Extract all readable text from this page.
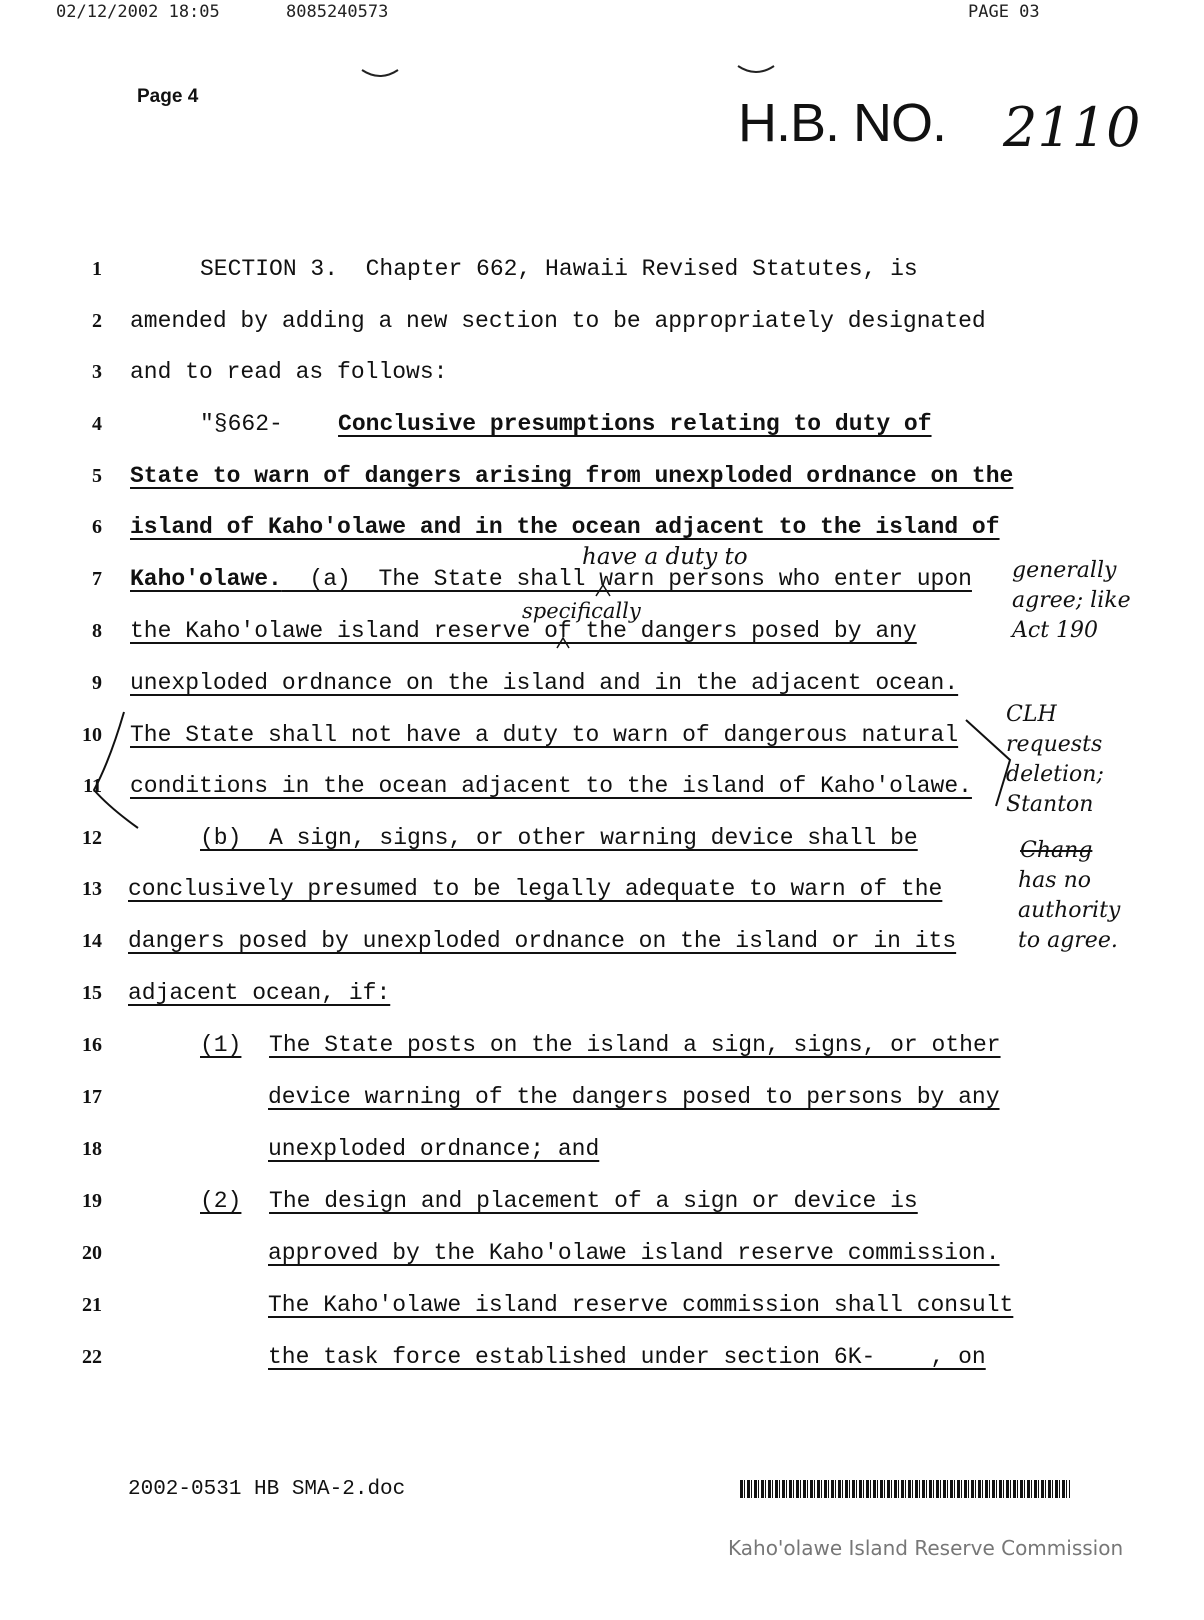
02/12/2002 18:05	8085240573	PAGE 03
Page 4	H.B. NO. 2110
1	SECTION 3.  Chapter 662, Hawaii Revised Statutes, is
2 amended by adding a new section to be appropriately designated
3 and to read as follows:
4	"§662-    Conclusive presumptions relating to duty of
5 State to warn of dangers arising from unexploded ordnance on the
6 island of Kaho'olawe and in the ocean adjacent to the island of
7 Kaho'olawe.  (a)  The State shall warn persons who enter upon
8 the Kaho'olawe island reserve of the dangers posed by any
9 unexploded ordnance on the island and in the adjacent ocean.
10 The State shall not have a duty to warn of dangerous natural
11 conditions in the ocean adjacent to the island of Kaho'olawe.
12	(b)  A sign, signs, or other warning device shall be
13 conclusively presumed to be legally adequate to warn of the
14 dangers posed by unexploded ordnance on the island or in its
15 adjacent ocean, if:
16	(1) The State posts on the island a sign, signs, or other
17	device warning of the dangers posed to persons by any
18	unexploded ordnance; and
19	(2) The design and placement of a sign or device is
20	approved by the Kaho'olawe island reserve commission.
21	The Kaho'olawe island reserve commission shall consult
22	the task force established under section 6K-    , on
have a duty to
specifically
generally agree; like Act 190
CLH requests deletion; Stanton
Chang
has no authority to agree.
2002-0531 HB SMA-2.doc
Kaho'olawe Island Reserve Commission
